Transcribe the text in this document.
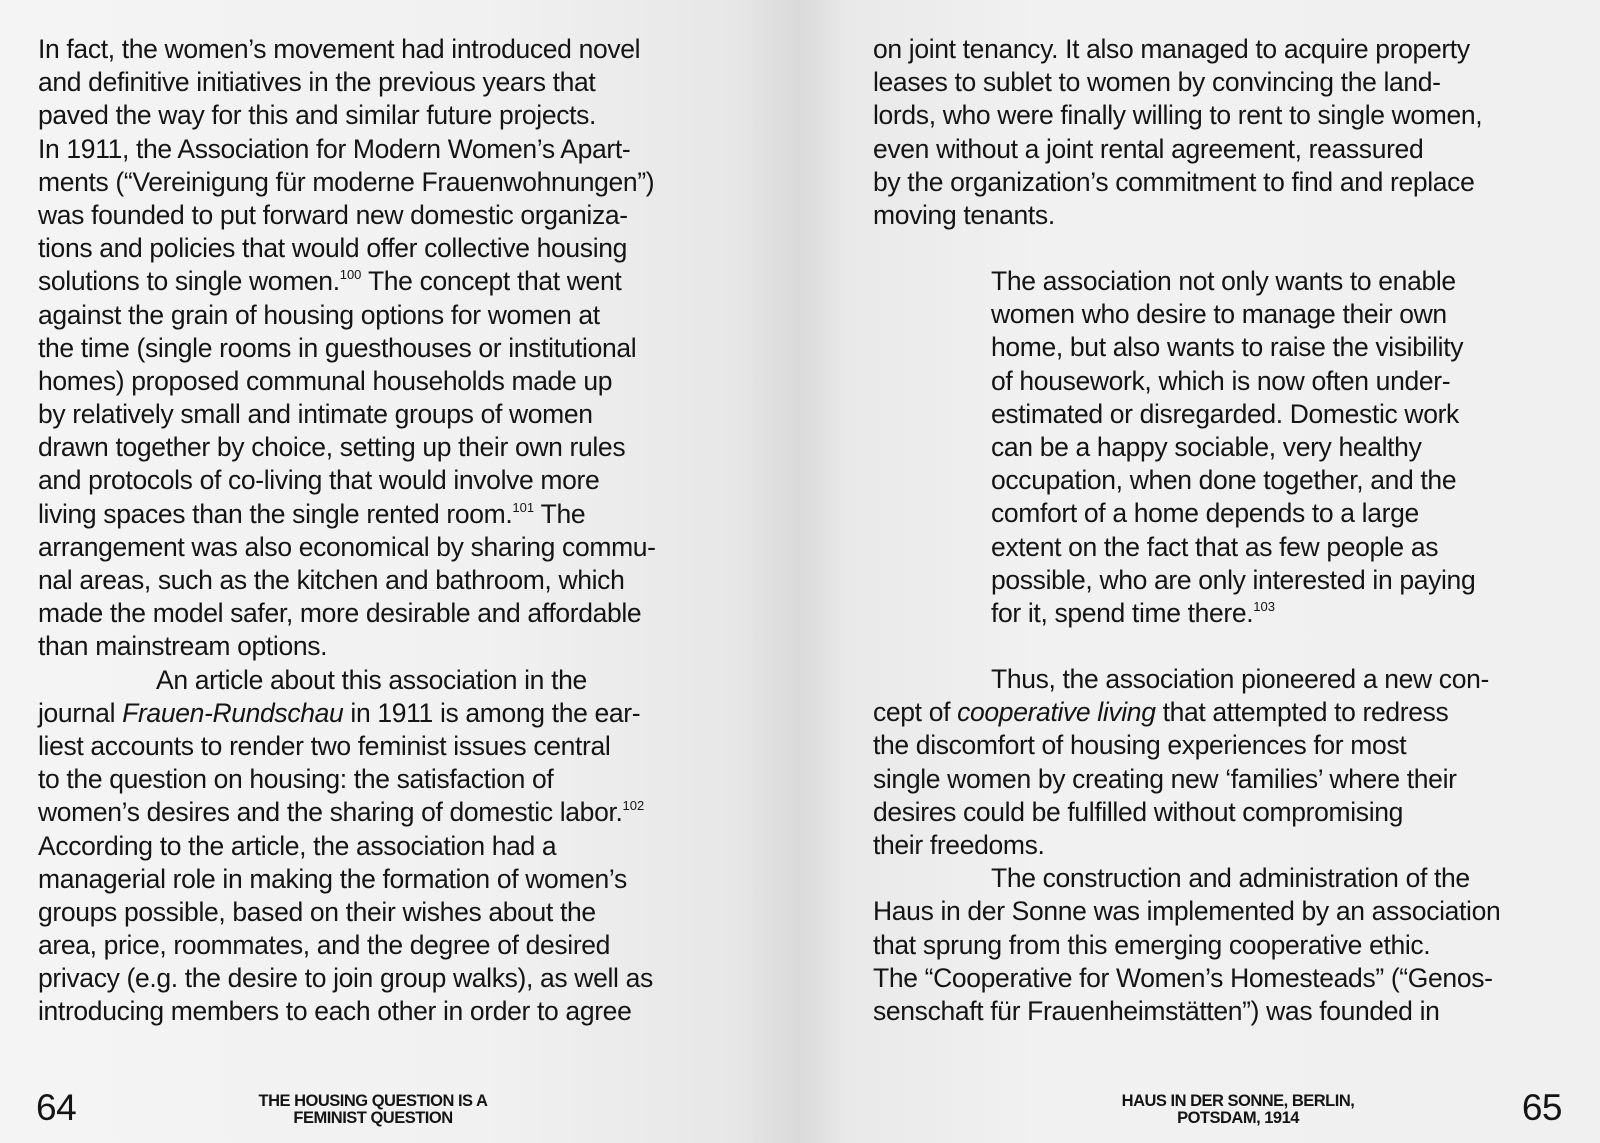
In fact, the women’s movement had introduced novel
and definitive initiatives in the previous years that
paved the way for this and similar future projects.
In 1911, the Association for Modern Women’s Apart-
ments (“Vereinigung für moderne Frauenwohnungen”)
was founded to put forward new domestic organiza-
tions and policies that would offer collective housing
solutions to single women.$^{100}$ The concept that went
against the grain of housing options for women at
the time (single rooms in guesthouses or institutional
homes) proposed communal households made up
by relatively small and intimate groups of women
drawn together by choice, setting up their own rules
and protocols of co-living that would involve more
living spaces than the single rented room.$^{101}$ The
arrangement was also economical by sharing commu-
nal areas, such as the kitchen and bathroom, which
made the model safer, more desirable and affordable
than mainstream options.
An article about this association in the
journal Frauen-Rundschau in 1911 is among the ear-
liest accounts to render two feminist issues central
to the question on housing: the satisfaction of
women’s desires and the sharing of domestic labor.$^{102}$
According to the article, the association had a
managerial role in making the formation of women’s
groups possible, based on their wishes about the
area, price, roommates, and the degree of desired
privacy (e.g. the desire to join group walks), as well as
introducing members to each other in order to agree
64	THE HOUSING QUESTION IS A
FEMINIST QUESTION
on joint tenancy. It also managed to acquire property
leases to sublet to women by convincing the land-
lords, who were finally willing to rent to single women,
even without a joint rental agreement, reassured
by the organization’s commitment to find and replace
moving tenants.
The association not only wants to enable
women who desire to manage their own
home, but also wants to raise the visibility
of housework, which is now often under-
estimated or disregarded. Domestic work
can be a happy sociable, very healthy
occupation, when done together, and the
comfort of a home depends to a large
extent on the fact that as few people as
possible, who are only interested in paying
for it, spend time there.$^{103}$
Thus, the association pioneered a new con-
cept of cooperative living that attempted to redress
the discomfort of housing experiences for most
single women by creating new ‘families’ where their
desires could be fulfilled without compromising
their freedoms.
The construction and administration of the
Haus in der Sonne was implemented by an association
that sprung from this emerging cooperative ethic.
The “Cooperative for Women’s Homesteads” (“Genos-
senschaft für Frauenheimstätten”) was founded in
HAUS IN DER SONNE, BERLIN,
POTSDAM, 1914	65
